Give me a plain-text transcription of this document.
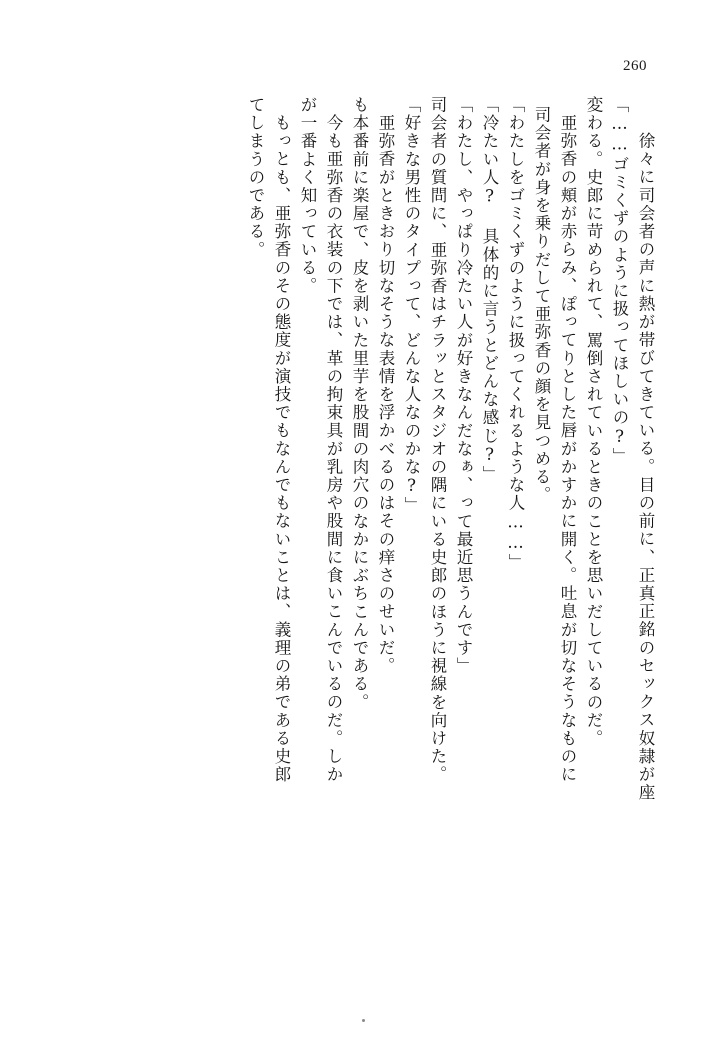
260
てしまうのである。 もっとも、亜弥香のその態度が演技でもなんでもないことは、義理の弟である史郎 が一番よく知っている。 今も亜弥香の衣装の下では、革の拘束具が乳房や股間に食いこんでいるのだ。しか も本番前に楽屋で、皮を剥いた里芋を股間の肉穴のなかにぶちこんである。 亜弥香がときおり切なそうな表情を浮かべるのはその痒さのせいだ。 「好きな男性のタイプって、どんな人なのかな?」 司会者の質問に、亜弥香はチラッとスタジオの隅にいる史郎のほうに視線を向けた。 「わたし、やっぱり冷たい人が好きなんだなぁ、って最近思うんです」 「冷たい人? 具体的に言うとどんな感じ?」 「わたしをゴミくずのように扱ってくれるような人……」 司会者が身を乗りだして亜弥香の顔を見つめる。 亜弥香の頬が赤らみ、ぽってりとした唇がかすかに開く。吐息が切なそうなものに 変わる。史郎に苛められて、罵倒されているときのことを思いだしているのだ。 「……ゴミくずのように扱ってほしいの?」 徐々に司会者の声に熱が帯びてきている。目の前に、正真正銘のセックス奴隷が座
